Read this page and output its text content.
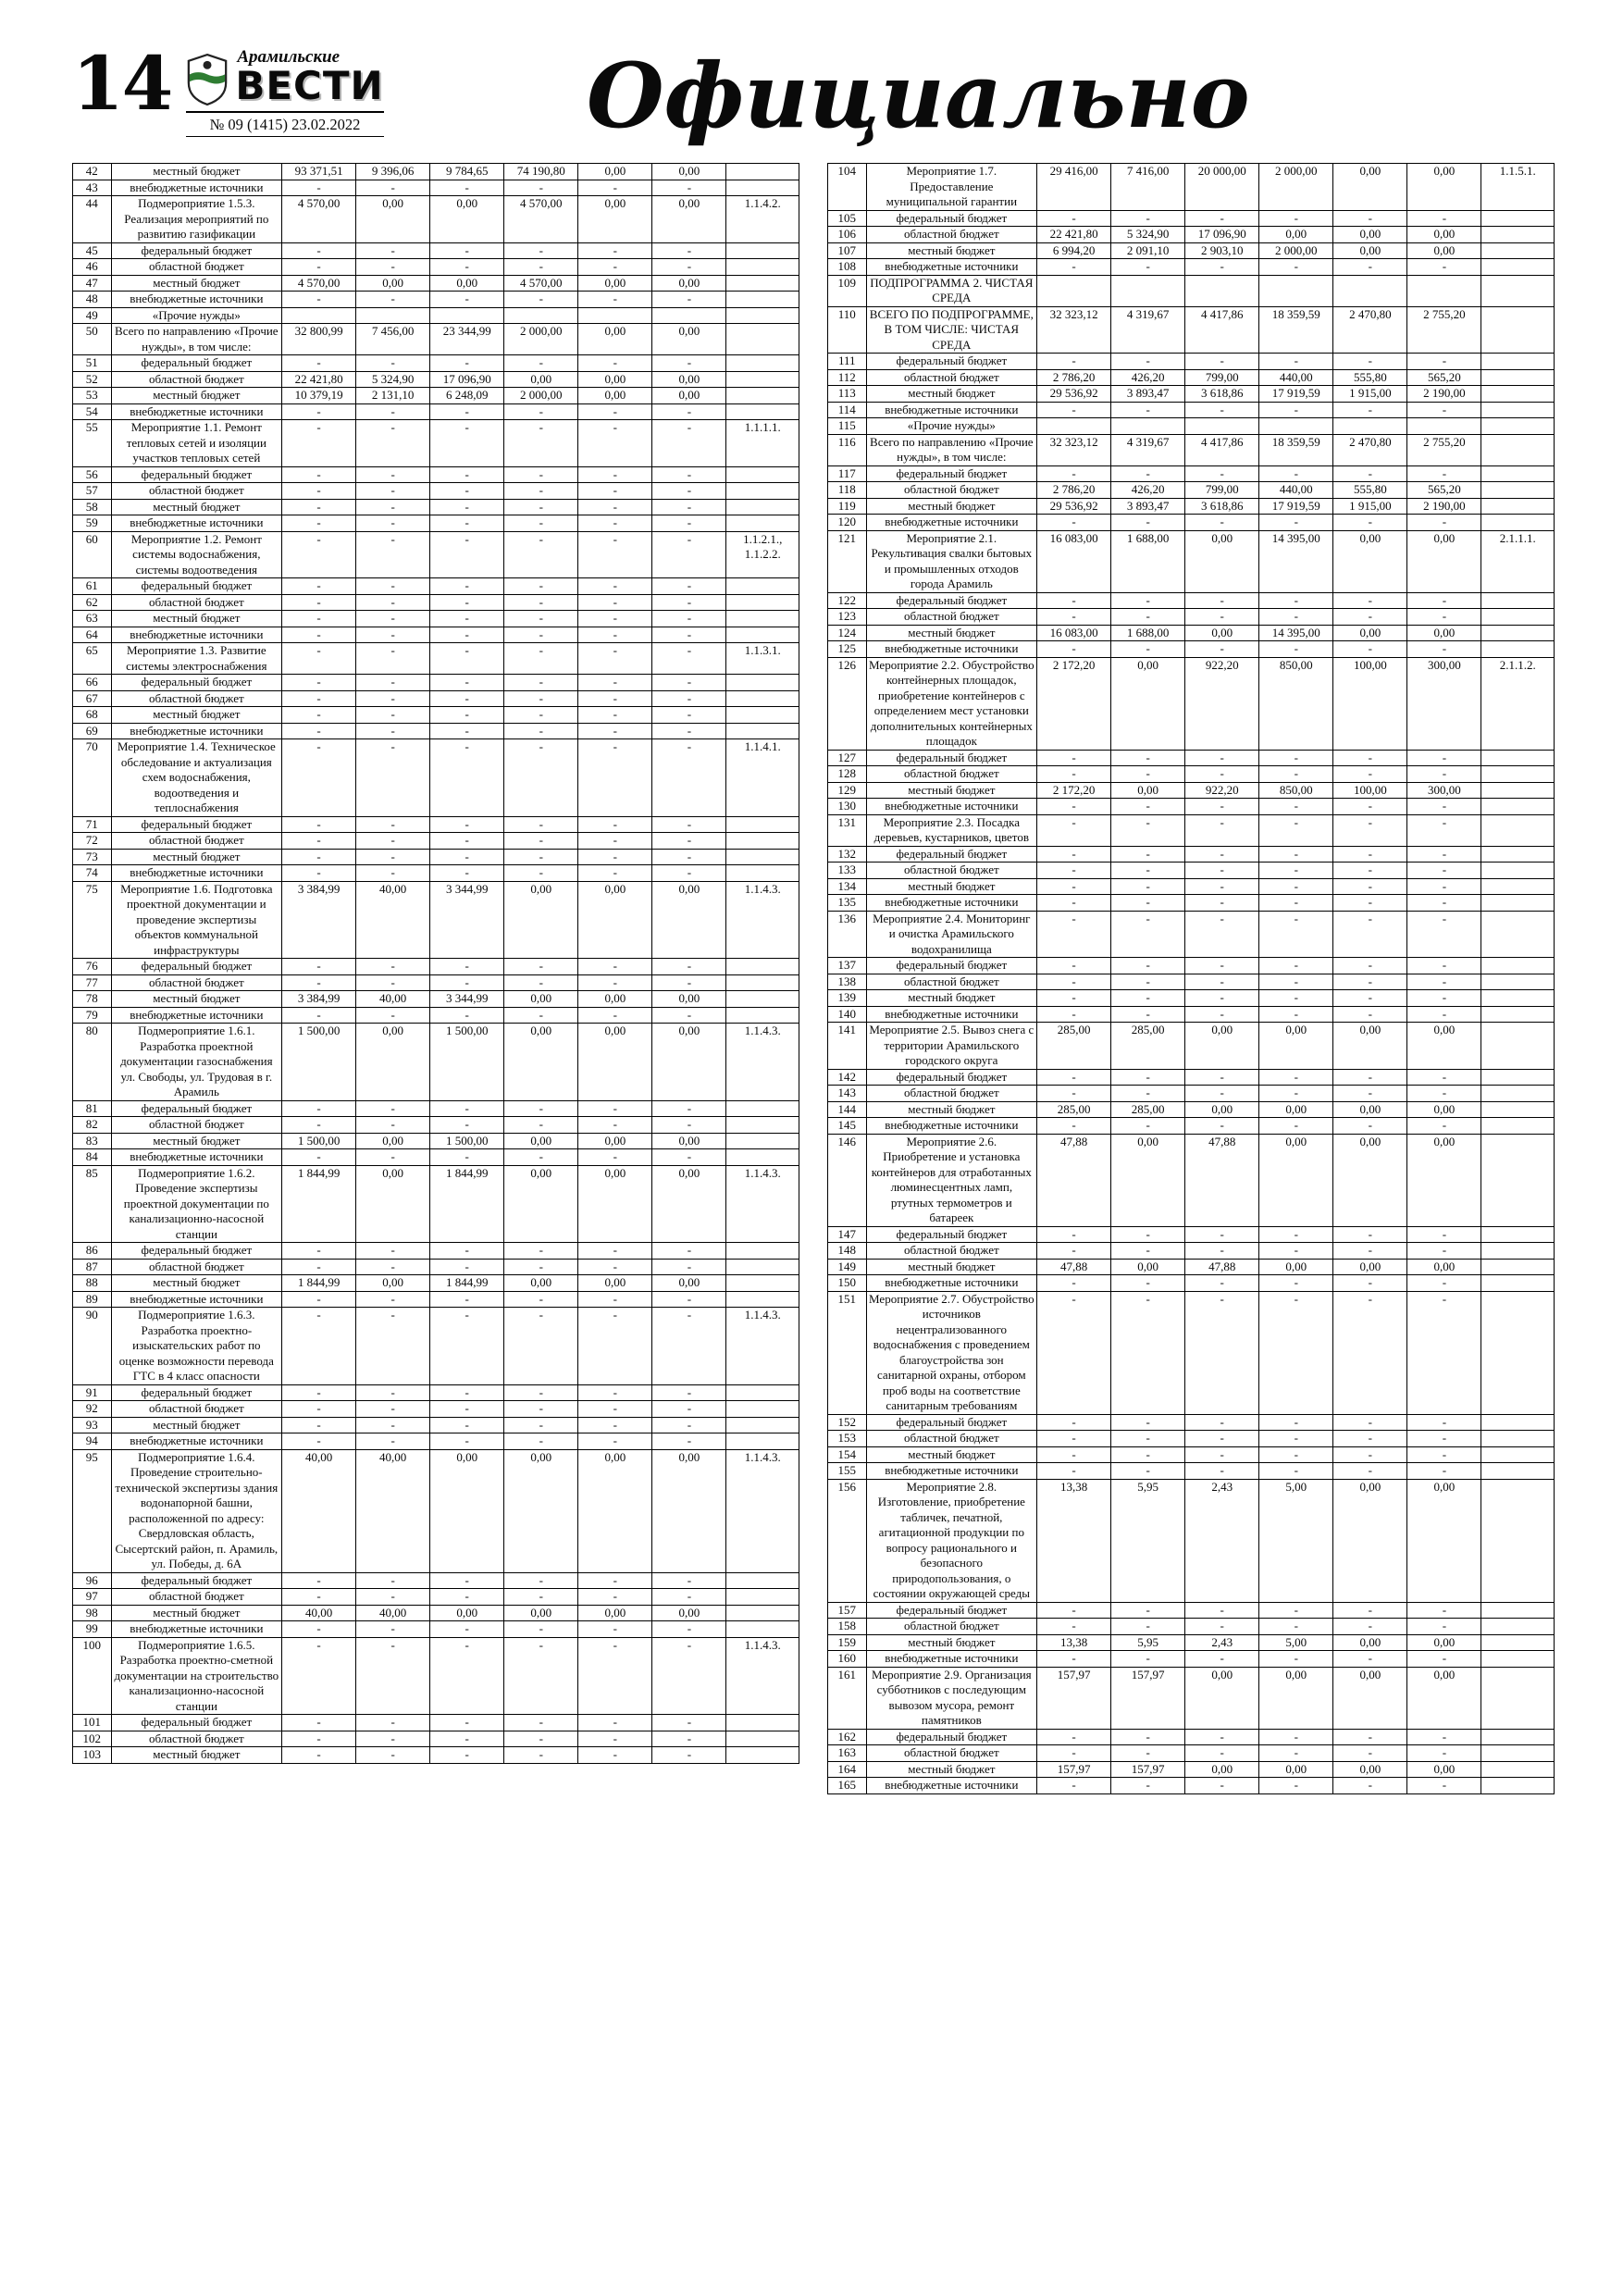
14	Арамильские
ВЕСТИ
№ 09 (1415) 23.02.2022	Официально
42	местный бюджет	93 371,51	9 396,06	9 784,65	74 190,80	0,00	0,00	
43	внебюджетные источники	-	-	-	-	-	-	
44	Подмероприятие 1.5.3. Реализация мероприятий по развитию газификации	4 570,00	0,00	0,00	4 570,00	0,00	0,00	1.1.4.2.
45	федеральный бюджет	-	-	-	-	-	-	
46	областной бюджет	-	-	-	-	-	-	
47	местный бюджет	4 570,00	0,00	0,00	4 570,00	0,00	0,00	
48	внебюджетные источники	-	-	-	-	-	-	
49	«Прочие нужды»							
50	Всего по направлению «Прочие нужды», в том числе:	32 800,99	7 456,00	23 344,99	2 000,00	0,00	0,00	
51	федеральный бюджет	-	-	-	-	-	-	
52	областной бюджет	22 421,80	5 324,90	17 096,90	0,00	0,00	0,00	
53	местный бюджет	10 379,19	2 131,10	6 248,09	2 000,00	0,00	0,00	
54	внебюджетные источники	-	-	-	-	-	-	
55	Мероприятие 1.1. Ремонт тепловых сетей и изоляции участков тепловых сетей	-	-	-	-	-	-	1.1.1.1.
56	федеральный бюджет	-	-	-	-	-	-	
57	областной бюджет	-	-	-	-	-	-	
58	местный бюджет	-	-	-	-	-	-	
59	внебюджетные источники	-	-	-	-	-	-	
60	Мероприятие 1.2. Ремонт системы водоснабжения, системы водоотведения	-	-	-	-	-	-	1.1.2.1., 1.1.2.2.
61	федеральный бюджет	-	-	-	-	-	-	
62	областной бюджет	-	-	-	-	-	-	
63	местный бюджет	-	-	-	-	-	-	
64	внебюджетные источники	-	-	-	-	-	-	
65	Мероприятие 1.3. Развитие системы электроснабжения	-	-	-	-	-	-	1.1.3.1.
66	федеральный бюджет	-	-	-	-	-	-	
67	областной бюджет	-	-	-	-	-	-	
68	местный бюджет	-	-	-	-	-	-	
69	внебюджетные источники	-	-	-	-	-	-	
70	Мероприятие 1.4. Техническое обследование и актуализация схем водоснабжения, водоотведения и теплоснабжения	-	-	-	-	-	-	1.1.4.1.
71	федеральный бюджет	-	-	-	-	-	-	
72	областной бюджет	-	-	-	-	-	-	
73	местный бюджет	-	-	-	-	-	-	
74	внебюджетные источники	-	-	-	-	-	-	
75	Мероприятие 1.6. Подготовка проектной документации и проведение экспертизы объектов коммунальной инфраструктуры	3 384,99	40,00	3 344,99	0,00	0,00	0,00	1.1.4.3.
76	федеральный бюджет	-	-	-	-	-	-	
77	областной бюджет	-	-	-	-	-	-	
78	местный бюджет	3 384,99	40,00	3 344,99	0,00	0,00	0,00	
79	внебюджетные источники	-	-	-	-	-	-	
80	Подмероприятие 1.6.1. Разработка проектной документации газоснабжения ул. Свободы, ул. Трудовая в г. Арамиль	1 500,00	0,00	1 500,00	0,00	0,00	0,00	1.1.4.3.
81	федеральный бюджет	-	-	-	-	-	-	
82	областной бюджет	-	-	-	-	-	-	
83	местный бюджет	1 500,00	0,00	1 500,00	0,00	0,00	0,00	
84	внебюджетные источники	-	-	-	-	-	-	
85	Подмероприятие 1.6.2. Проведение экспертизы проектной документации по канализационно-насосной станции	1 844,99	0,00	1 844,99	0,00	0,00	0,00	1.1.4.3.
86	федеральный бюджет	-	-	-	-	-	-	
87	областной бюджет	-	-	-	-	-	-	
88	местный бюджет	1 844,99	0,00	1 844,99	0,00	0,00	0,00	
89	внебюджетные источники	-	-	-	-	-	-	
90	Подмероприятие 1.6.3. Разработка проектно-изыскательских работ по оценке возможности перевода ГТС в 4 класс опасности	-	-	-	-	-	-	1.1.4.3.
91	федеральный бюджет	-	-	-	-	-	-	
92	областной бюджет	-	-	-	-	-	-	
93	местный бюджет	-	-	-	-	-	-	
94	внебюджетные источники	-	-	-	-	-	-	
95	Подмероприятие 1.6.4. Проведение строительно-технической экспертизы здания водонапорной башни, расположенной по адресу: Свердловская область, Сысертский район, п. Арамиль, ул. Победы, д. 6А	40,00	40,00	0,00	0,00	0,00	0,00	1.1.4.3.
96	федеральный бюджет	-	-	-	-	-	-	
97	областной бюджет	-	-	-	-	-	-	
98	местный бюджет	40,00	40,00	0,00	0,00	0,00	0,00	
99	внебюджетные источники	-	-	-	-	-	-	
100	Подмероприятие 1.6.5. Разработка проектно-сметной документации на строительство канализационно-насосной станции	-	-	-	-	-	-	1.1.4.3.
101	федеральный бюджет	-	-	-	-	-	-	
102	областной бюджет	-	-	-	-	-	-	
103	местный бюджет	-	-	-	-	-	-	
104	Мероприятие 1.7. Предоставление муниципальной гарантии	29 416,00	7 416,00	20 000,00	2 000,00	0,00	0,00	1.1.5.1.
105	федеральный бюджет	-	-	-	-	-	-	
106	областной бюджет	22 421,80	5 324,90	17 096,90	0,00	0,00	0,00	
107	местный бюджет	6 994,20	2 091,10	2 903,10	2 000,00	0,00	0,00	
108	внебюджетные источники	-	-	-	-	-	-	
109	ПОДПРОГРАММА 2. ЧИСТАЯ СРЕДА							
110	ВСЕГО ПО ПОДПРОГРАММЕ, В ТОМ ЧИСЛЕ: ЧИСТАЯ СРЕДА	32 323,12	4 319,67	4 417,86	18 359,59	2 470,80	2 755,20	
111	федеральный бюджет	-	-	-	-	-	-	
112	областной бюджет	2 786,20	426,20	799,00	440,00	555,80	565,20	
113	местный бюджет	29 536,92	3 893,47	3 618,86	17 919,59	1 915,00	2 190,00	
114	внебюджетные источники	-	-	-	-	-	-	
115	«Прочие нужды»							
116	Всего по направлению «Прочие нужды», в том числе:	32 323,12	4 319,67	4 417,86	18 359,59	2 470,80	2 755,20	
117	федеральный бюджет	-	-	-	-	-	-	
118	областной бюджет	2 786,20	426,20	799,00	440,00	555,80	565,20	
119	местный бюджет	29 536,92	3 893,47	3 618,86	17 919,59	1 915,00	2 190,00	
120	внебюджетные источники	-	-	-	-	-	-	
121	Мероприятие 2.1. Рекультивация свалки бытовых и промышленных отходов города Арамиль	16 083,00	1 688,00	0,00	14 395,00	0,00	0,00	2.1.1.1.
122	федеральный бюджет	-	-	-	-	-	-	
123	областной бюджет	-	-	-	-	-	-	
124	местный бюджет	16 083,00	1 688,00	0,00	14 395,00	0,00	0,00	
125	внебюджетные источники	-	-	-	-	-	-	
126	Мероприятие 2.2. Обустройство контейнерных площадок, приобретение контейнеров с определением мест установки дополнительных контейнерных площадок	2 172,20	0,00	922,20	850,00	100,00	300,00	2.1.1.2.
127	федеральный бюджет	-	-	-	-	-	-	
128	областной бюджет	-	-	-	-	-	-	
129	местный бюджет	2 172,20	0,00	922,20	850,00	100,00	300,00	
130	внебюджетные источники	-	-	-	-	-	-	
131	Мероприятие 2.3. Посадка деревьев, кустарников, цветов	-	-	-	-	-	-	
132	федеральный бюджет	-	-	-	-	-	-	
133	областной бюджет	-	-	-	-	-	-	
134	местный бюджет	-	-	-	-	-	-	
135	внебюджетные источники	-	-	-	-	-	-	
136	Мероприятие 2.4. Мониторинг и очистка Арамильского водохранилища	-	-	-	-	-	-	
137	федеральный бюджет	-	-	-	-	-	-	
138	областной бюджет	-	-	-	-	-	-	
139	местный бюджет	-	-	-	-	-	-	
140	внебюджетные источники	-	-	-	-	-	-	
141	Мероприятие 2.5. Вывоз снега с территории Арамильского городского округа	285,00	285,00	0,00	0,00	0,00	0,00	
142	федеральный бюджет	-	-	-	-	-	-	
143	областной бюджет	-	-	-	-	-	-	
144	местный бюджет	285,00	285,00	0,00	0,00	0,00	0,00	
145	внебюджетные источники	-	-	-	-	-	-	
146	Мероприятие 2.6. Приобретение и установка контейнеров для отработанных люминесцентных ламп, ртутных термометров и батареек	47,88	0,00	47,88	0,00	0,00	0,00	
147	федеральный бюджет	-	-	-	-	-	-	
148	областной бюджет	-	-	-	-	-	-	
149	местный бюджет	47,88	0,00	47,88	0,00	0,00	0,00	
150	внебюджетные источники	-	-	-	-	-	-	
151	Мероприятие 2.7. Обустройство источников нецентрализованного водоснабжения с проведением благоустройства зон санитарной охраны, отбором проб воды на соответствие санитарным требованиям	-	-	-	-	-	-	
152	федеральный бюджет	-	-	-	-	-	-	
153	областной бюджет	-	-	-	-	-	-	
154	местный бюджет	-	-	-	-	-	-	
155	внебюджетные источники	-	-	-	-	-	-	
156	Мероприятие 2.8. Изготовление, приобретение табличек, печатной, агитационной продукции по вопросу рационального и безопасного природопользования, о состоянии окружающей среды	13,38	5,95	2,43	5,00	0,00	0,00	
157	федеральный бюджет	-	-	-	-	-	-	
158	областной бюджет	-	-	-	-	-	-	
159	местный бюджет	13,38	5,95	2,43	5,00	0,00	0,00	
160	внебюджетные источники	-	-	-	-	-	-	
161	Мероприятие 2.9. Организация субботников с последующим вывозом мусора, ремонт памятников	157,97	157,97	0,00	0,00	0,00	0,00	
162	федеральный бюджет	-	-	-	-	-	-	
163	областной бюджет	-	-	-	-	-	-	
164	местный бюджет	157,97	157,97	0,00	0,00	0,00	0,00	
165	внебюджетные источники	-	-	-	-	-	-	
